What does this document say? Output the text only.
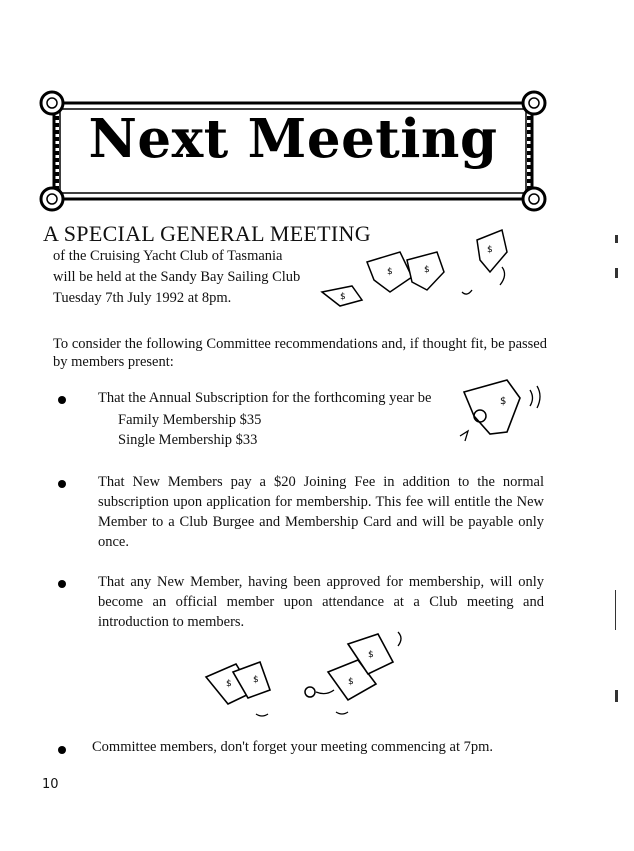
Next Meeting
A SPECIAL GENERAL MEETING
of the Cruising Yacht Club of Tasmania
will be held at the Sandy Bay Sailing Club
Tuesday 7th July 1992 at 8pm.
$
$	$
$
To consider the following Committee recommendations and, if thought fit, be passed by members present:
That the Annual Subscription for the forthcoming year be
Family Membership $35
Single Membership $33
$
That New Members pay a $20 Joining Fee in addition to the normal subscription upon application for membership. This fee will entitle the New Member to a Club Burgee and Membership Card and will be payable only once.
That any New Member, having been approved for membership, will only become an official member upon attendance at a Club meeting and introduction to members.
$ $	$
$
Committee members, don't forget your meeting commencing at 7pm.
10
